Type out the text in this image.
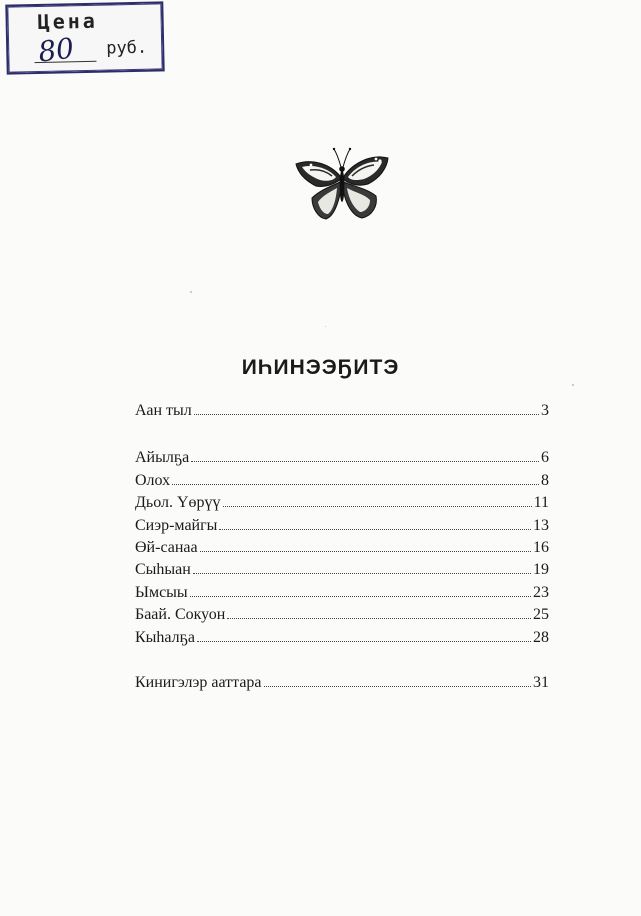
Цена
80 руб.
ИҺИНЭЭҔИТЭ
Аан тыл	3
Айылҕа	6
Олох	8
Дьол. Үөрүү	11
Сиэр-майгы	13
Өй-санаа	16
Сыһыан	19
Ымсыы	23
Баай. Сокуон	25
Кыһалҕа	28
Кинигэлэр ааттара	31
